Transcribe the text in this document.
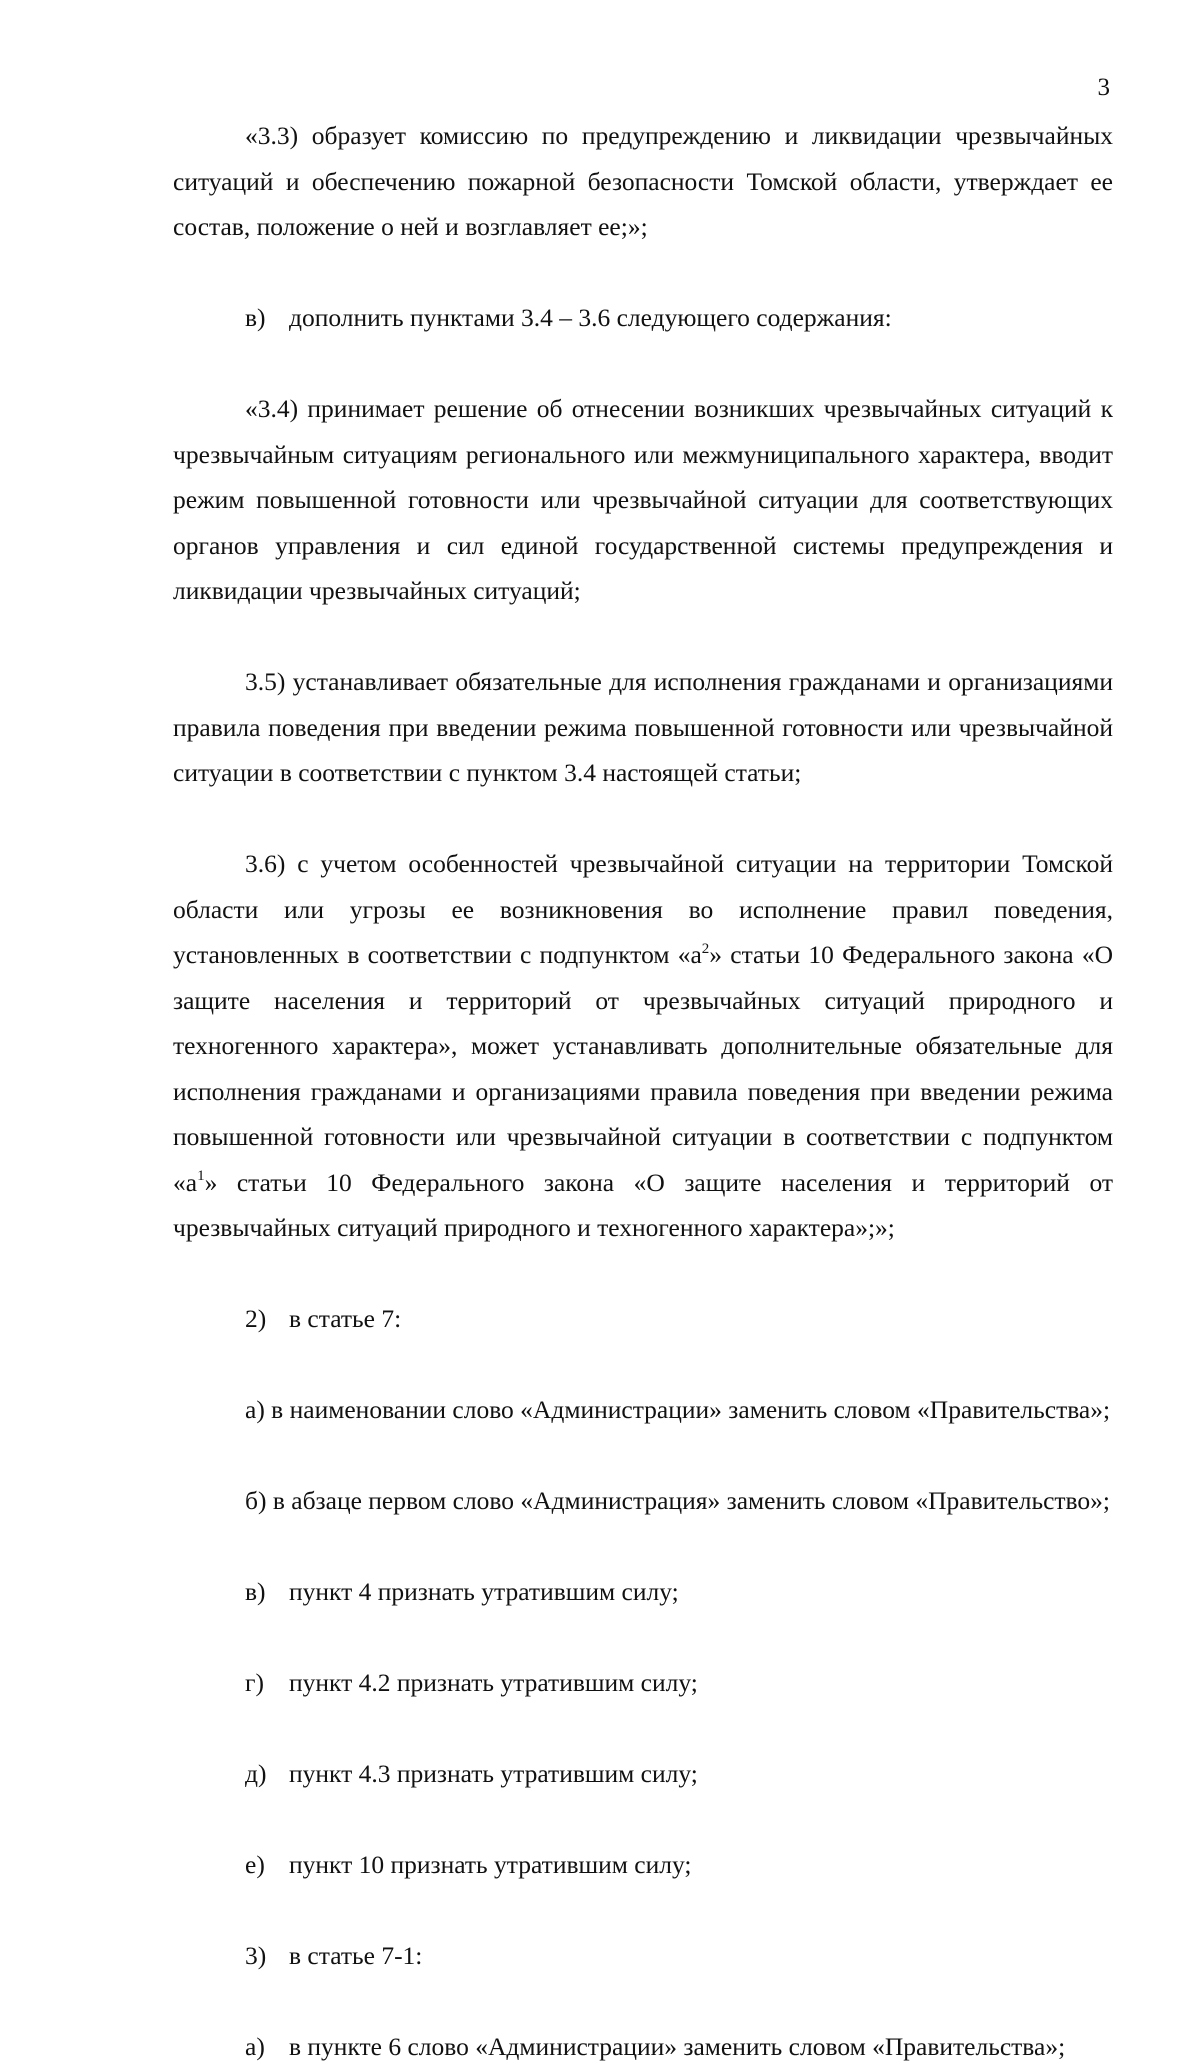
3

«3.3) образует комиссию по предупреждению и ликвидации чрезвычайных ситуаций и обеспечению пожарной безопасности Томской области, утверждает ее состав, положение о ней и возглавляет ее;»;

в) дополнить пунктами 3.4 – 3.6 следующего содержания:

«3.4) принимает решение об отнесении возникших чрезвычайных ситуаций к чрезвычайным ситуациям регионального или межмуниципального характера, вводит режим повышенной готовности или чрезвычайной ситуации для соответствующих органов управления и сил единой государственной системы предупреждения и ликвидации чрезвычайных ситуаций;

3.5) устанавливает обязательные для исполнения гражданами и организациями правила поведения при введении режима повышенной готовности или чрезвычайной ситуации в соответствии с пунктом 3.4 настоящей статьи;

3.6) с учетом особенностей чрезвычайной ситуации на территории Томской области или угрозы ее возникновения во исполнение правил поведения, установленных в соответствии с подпунктом «$а^2$» статьи 10 Федерального закона «О защите населения и территорий от чрезвычайных ситуаций природного и техногенного характера», может устанавливать дополнительные обязательные для исполнения гражданами и организациями правила поведения при введении режима повышенной готовности или чрезвычайной ситуации в соответствии с подпунктом «$а^1$» статьи 10 Федерального закона «О защите населения и территорий от чрезвычайных ситуаций природного и техногенного характера»;»;

2) в статье 7:

а) в наименовании слово «Администрации» заменить словом «Правительства»;

б) в абзаце первом слово «Администрация» заменить словом «Правительство»;

в) пункт 4 признать утратившим силу;

г) пункт 4.2 признать утратившим силу;

д) пункт 4.3 признать утратившим силу;

е) пункт 10 признать утратившим силу;

3) в статье 7-1:

а) в пункте 6 слово «Администрации» заменить словом «Правительства»;
